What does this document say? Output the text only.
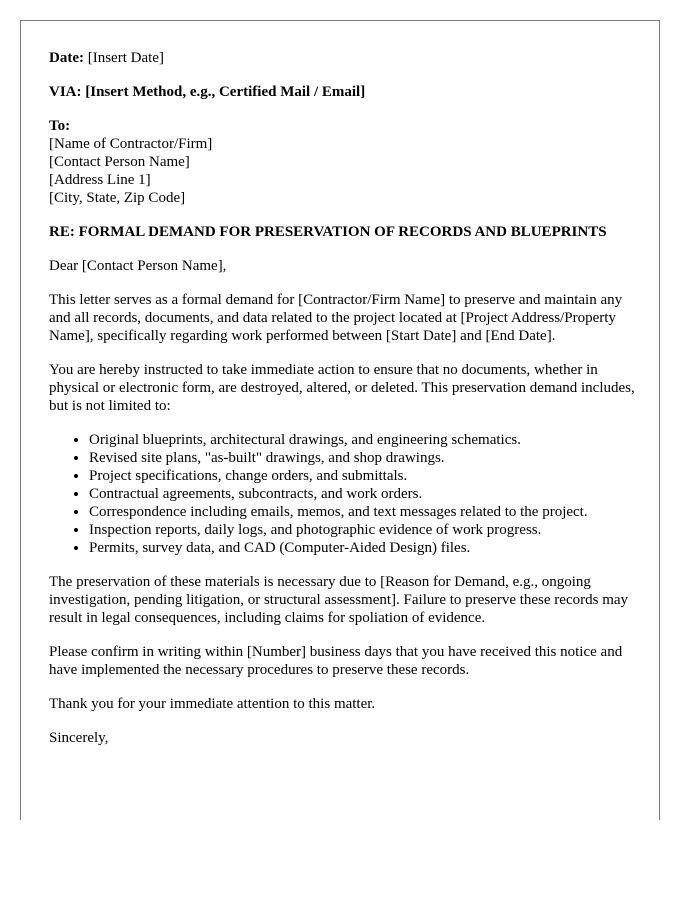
Date: [Insert Date]

VIA: [Insert Method, e.g., Certified Mail / Email]

To:
[Name of Contractor/Firm]
[Contact Person Name]
[Address Line 1]
[City, State, Zip Code]

RE: FORMAL DEMAND FOR PRESERVATION OF RECORDS AND BLUEPRINTS

Dear [Contact Person Name],

This letter serves as a formal demand for [Contractor/Firm Name] to preserve and maintain any and all records, documents, and data related to the project located at [Project Address/Property Name], specifically regarding work performed between [Start Date] and [End Date].

You are hereby instructed to take immediate action to ensure that no documents, whether in physical or electronic form, are destroyed, altered, or deleted. This preservation demand includes, but is not limited to:

• Original blueprints, architectural drawings, and engineering schematics.
• Revised site plans, "as-built" drawings, and shop drawings.
• Project specifications, change orders, and submittals.
• Contractual agreements, subcontracts, and work orders.
• Correspondence including emails, memos, and text messages related to the project.
• Inspection reports, daily logs, and photographic evidence of work progress.
• Permits, survey data, and CAD (Computer-Aided Design) files.

The preservation of these materials is necessary due to [Reason for Demand, e.g., ongoing investigation, pending litigation, or structural assessment]. Failure to preserve these records may result in legal consequences, including claims for spoliation of evidence.

Please confirm in writing within [Number] business days that you have received this notice and have implemented the necessary procedures to preserve these records.

Thank you for your immediate attention to this matter.

Sincerely,
